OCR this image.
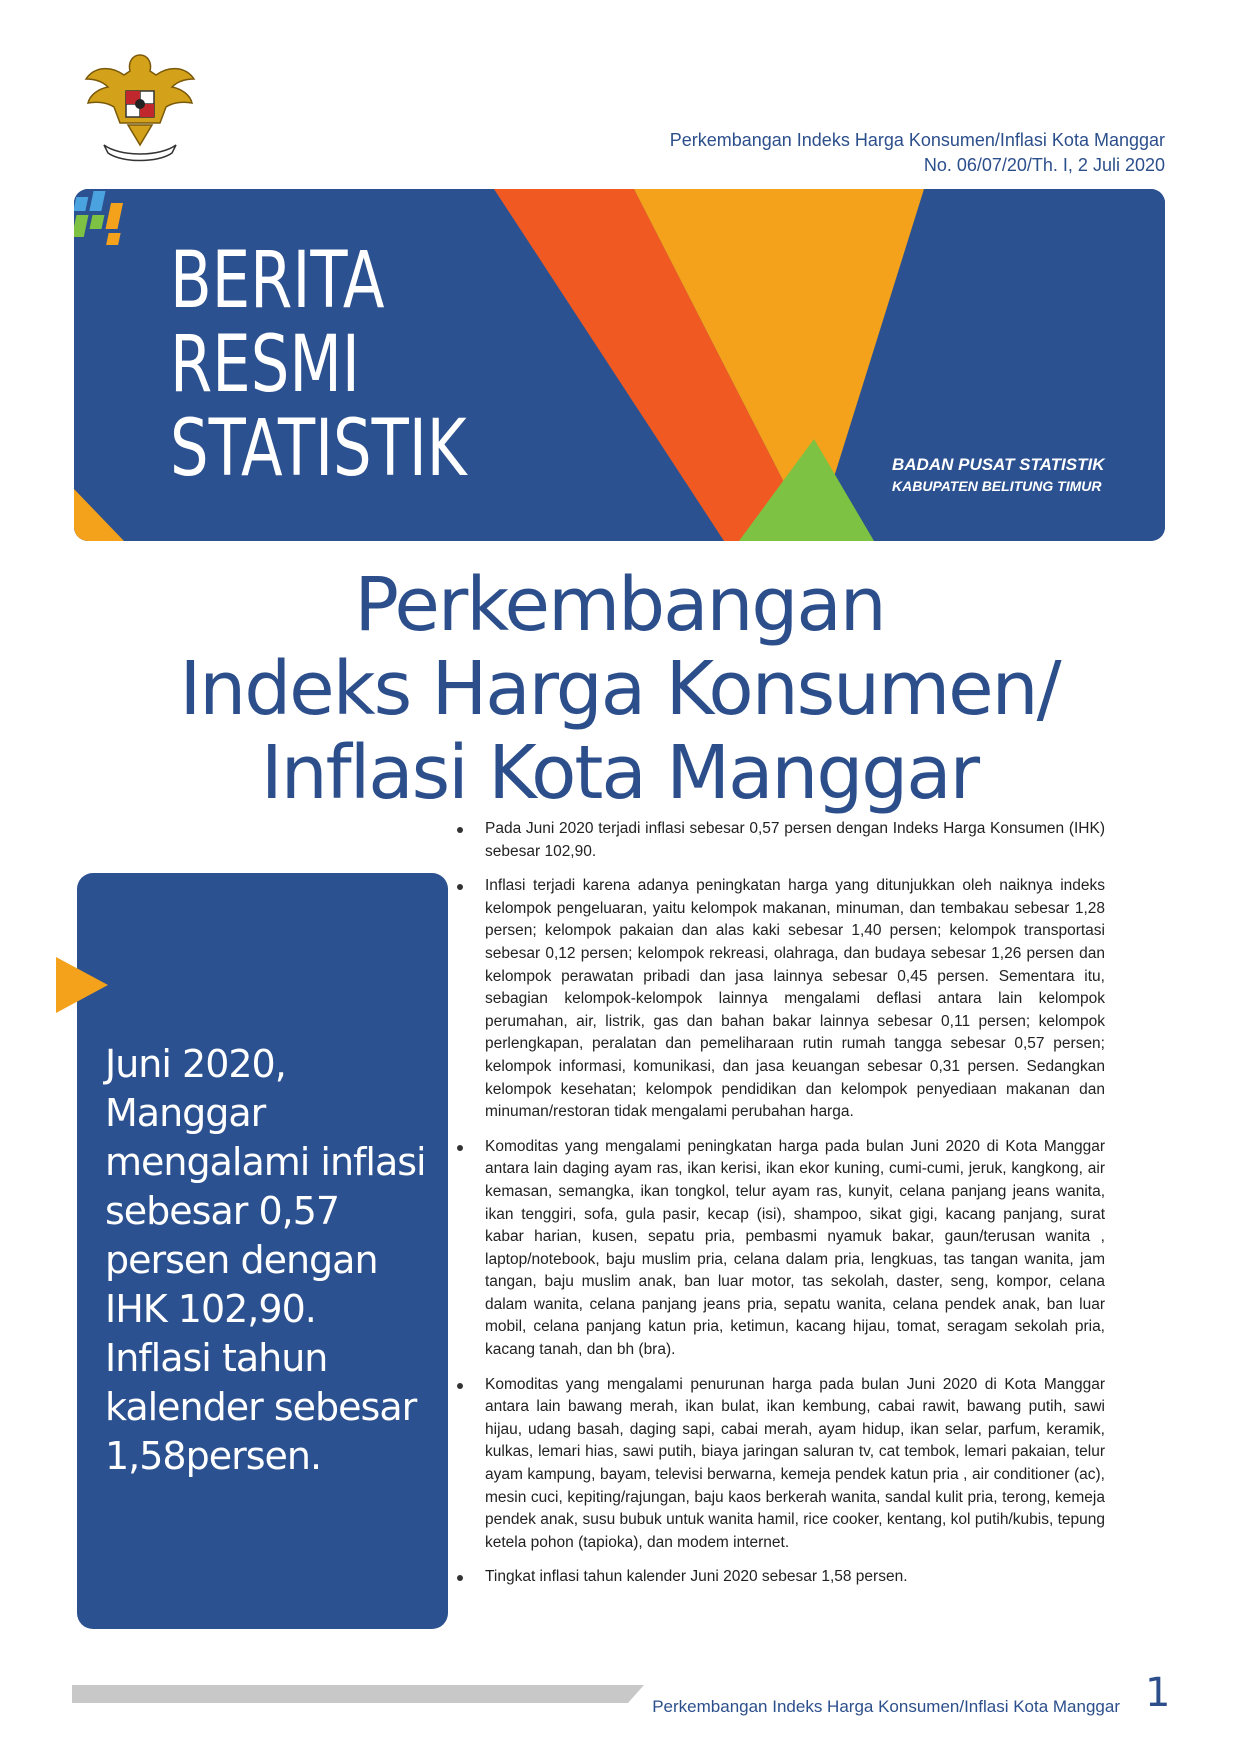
Perkembangan Indeks Harga Konsumen/Inflasi Kota Manggar
No. 06/07/20/Th. I, 2 Juli 2020
BERITA
RESMI
STATISTIK	BADAN PUSAT STATISTIK
KABUPATEN BELITUNG TIMUR
Perkembangan
Indeks Harga Konsumen/
Inflasi Kota Manggar
Juni 2020,
Manggar
mengalami inflasi
sebesar 0,57
persen dengan
IHK 102,90.
Inflasi tahun
kalender sebesar
1,58persen.
Pada Juni 2020 terjadi inflasi sebesar 0,57 persen dengan Indeks Harga Konsumen (IHK) sebesar 102,90.
Inflasi terjadi karena adanya peningkatan harga yang ditunjukkan oleh naiknya indeks kelompok pengeluaran, yaitu kelompok makanan, minuman, dan tembakau sebesar 1,28 persen; kelompok pakaian dan alas kaki sebesar 1,40 persen; kelompok transportasi sebesar 0,12 persen; kelompok rekreasi, olahraga, dan budaya sebesar 1,26 persen dan kelompok perawatan pribadi dan jasa lainnya sebesar 0,45 persen. Sementara itu, sebagian kelompok-kelompok lainnya mengalami deflasi antara lain kelompok perumahan, air, listrik, gas dan bahan bakar lainnya sebesar 0,11 persen; kelompok perlengkapan, peralatan dan pemeliharaan rutin rumah tangga sebesar 0,57 persen; kelompok informasi, komunikasi, dan jasa keuangan sebesar 0,31 persen. Sedangkan kelompok kesehatan; kelompok pendidikan dan kelompok penyediaan makanan dan minuman/restoran tidak mengalami perubahan harga.
Komoditas yang mengalami peningkatan harga pada bulan Juni 2020 di Kota Manggar antara lain daging ayam ras, ikan kerisi, ikan ekor kuning, cumi-cumi, jeruk, kangkong, air kemasan, semangka, ikan tongkol, telur ayam ras, kunyit, celana panjang jeans wanita, ikan tenggiri, sofa, gula pasir, kecap (isi), shampoo, sikat gigi, kacang panjang, surat kabar harian, kusen, sepatu pria, pembasmi nyamuk bakar, gaun/terusan wanita , laptop/notebook, baju muslim pria, celana dalam pria, lengkuas, tas tangan wanita, jam tangan, baju muslim anak, ban luar motor, tas sekolah, daster, seng, kompor, celana dalam wanita, celana panjang jeans pria, sepatu wanita, celana pendek anak, ban luar mobil, celana panjang katun pria, ketimun, kacang hijau, tomat, seragam sekolah pria, kacang tanah, dan bh (bra).
Komoditas yang mengalami penurunan harga pada bulan Juni 2020 di Kota Manggar antara lain bawang merah, ikan bulat, ikan kembung, cabai rawit, bawang putih, sawi hijau, udang basah, daging sapi, cabai merah, ayam hidup, ikan selar, parfum, keramik, kulkas, lemari hias, sawi putih, biaya jaringan saluran tv, cat tembok, lemari pakaian, telur ayam kampung, bayam, televisi berwarna, kemeja pendek katun pria , air conditioner (ac), mesin cuci, kepiting/rajungan, baju kaos berkerah wanita, sandal kulit pria, terong, kemeja pendek anak, susu bubuk untuk wanita hamil, rice cooker, kentang, kol putih/kubis, tepung ketela pohon (tapioka), dan modem internet.
Tingkat inflasi tahun kalender Juni 2020 sebesar 1,58 persen.
Perkembangan Indeks Harga Konsumen/Inflasi Kota Manggar 1
